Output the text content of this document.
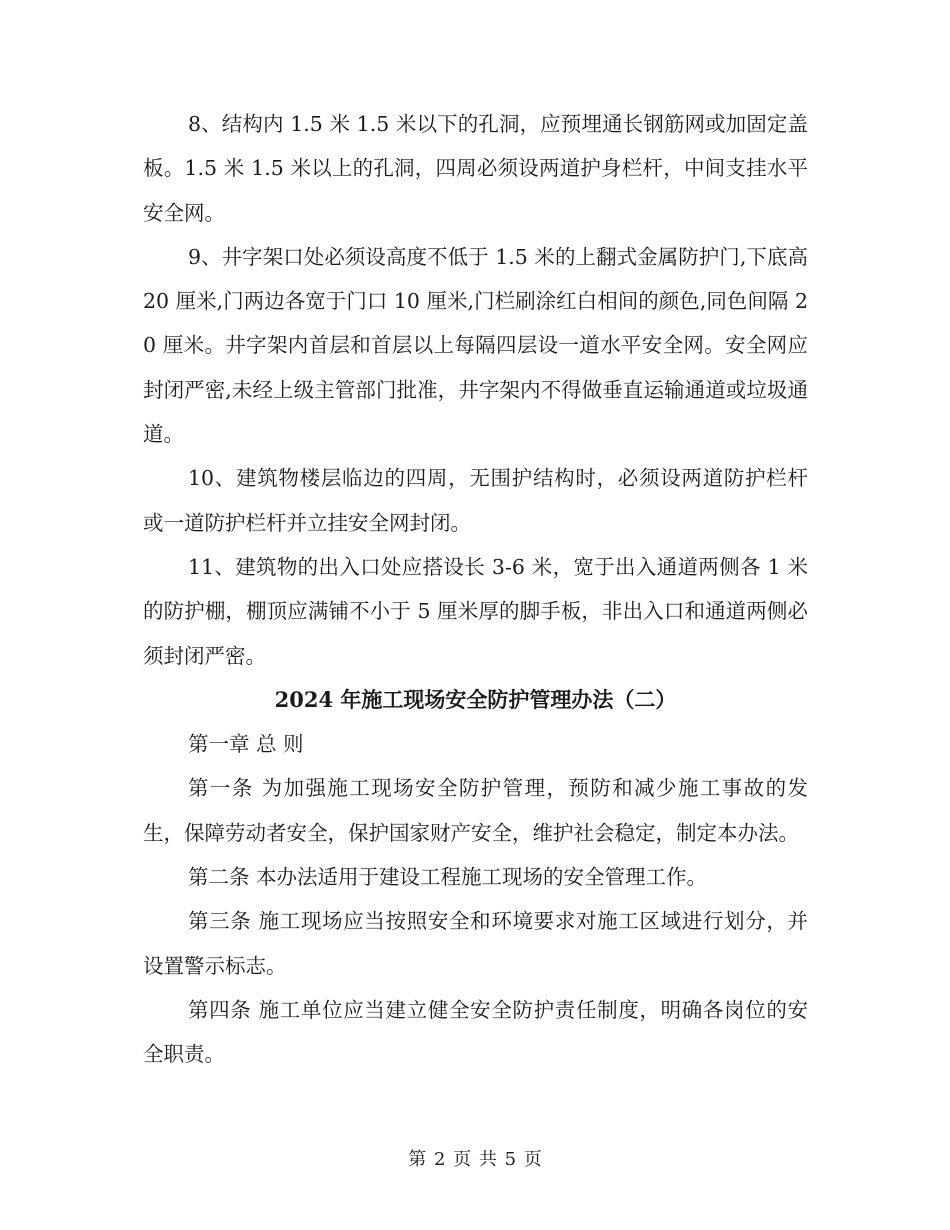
8、结构内 1.5 米 1.5 米以下的孔洞，应预埋通长钢筋网或加固定盖板。1.5 米 1.5 米以上的孔洞，四周必须设两道护身栏杆，中间支挂水平安全网。

9、井字架口处必须设高度不低于 1.5 米的上翻式金属防护门,下底高 20 厘米,门两边各宽于门口 10 厘米,门栏刷涂红白相间的颜色,同色间隔 20 厘米。井字架内首层和首层以上每隔四层设一道水平安全网。安全网应封闭严密,未经上级主管部门批准，井字架内不得做垂直运输通道或垃圾通道。

10、建筑物楼层临边的四周，无围护结构时，必须设两道防护栏杆或一道防护栏杆并立挂安全网封闭。

11、建筑物的出入口处应搭设长 3-6 米，宽于出入通道两侧各 1 米的防护棚，棚顶应满铺不小于 5 厘米厚的脚手板，非出入口和通道两侧必须封闭严密。

2024 年施工现场安全防护管理办法（二）

第一章 总 则

第一条 为加强施工现场安全防护管理，预防和减少施工事故的发生，保障劳动者安全，保护国家财产安全，维护社会稳定，制定本办法。

第二条 本办法适用于建设工程施工现场的安全管理工作。

第三条 施工现场应当按照安全和环境要求对施工区域进行划分，并设置警示标志。

第四条 施工单位应当建立健全安全防护责任制度，明确各岗位的安全职责。

第 2 页 共 5 页
